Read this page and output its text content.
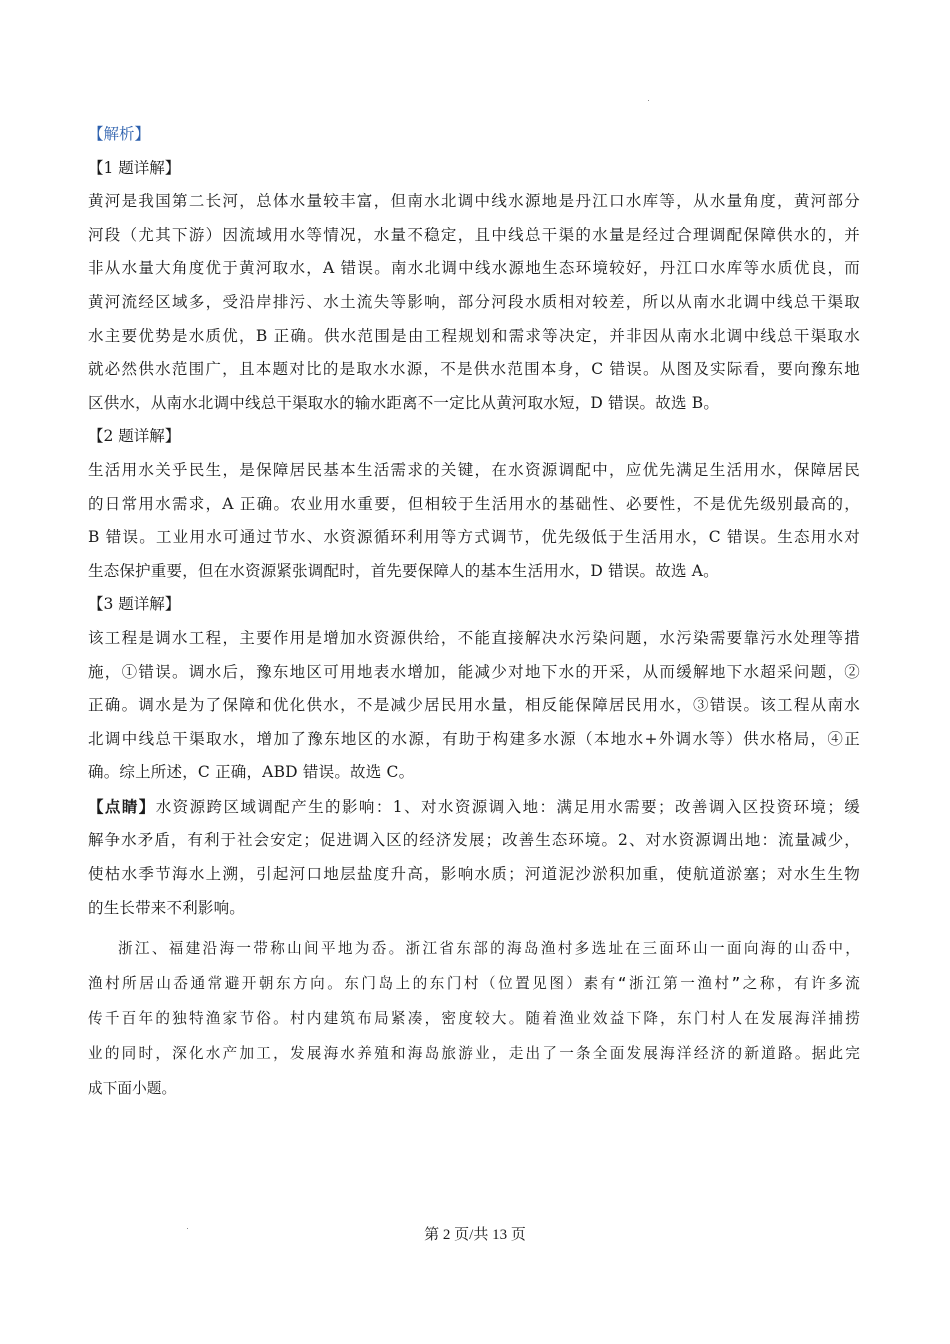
【解析】
【1 题详解】
黄河是我国第二长河，总体水量较丰富，但南水北调中线水源地是丹江口水库等，从水量角度，黄河部分
河段（尤其下游）因流域用水等情况，水量不稳定，且中线总干渠的水量是经过合理调配保障供水的，并
非从水量大角度优于黄河取水，A 错误。南水北调中线水源地生态环境较好，丹江口水库等水质优良，而
黄河流经区域多，受沿岸排污、水土流失等影响，部分河段水质相对较差，所以从南水北调中线总干渠取
水主要优势是水质优，B 正确。供水范围是由工程规划和需求等决定，并非因从南水北调中线总干渠取水
就必然供水范围广，且本题对比的是取水水源，不是供水范围本身，C 错误。从图及实际看，要向豫东地
区供水，从南水北调中线总干渠取水的输水距离不一定比从黄河取水短，D 错误。故选 B。
【2 题详解】
生活用水关乎民生，是保障居民基本生活需求的关键，在水资源调配中，应优先满足生活用水，保障居民
的日常用水需求，A 正确。农业用水重要，但相较于生活用水的基础性、必要性，不是优先级别最高的，
B 错误。工业用水可通过节水、水资源循环利用等方式调节，优先级低于生活用水，C 错误。生态用水对
生态保护重要，但在水资源紧张调配时，首先要保障人的基本生活用水，D 错误。故选 A。
【3 题详解】
该工程是调水工程，主要作用是增加水资源供给，不能直接解决水污染问题，水污染需要靠污水处理等措
施，①错误。调水后，豫东地区可用地表水增加，能减少对地下水的开采，从而缓解地下水超采问题，②
正确。调水是为了保障和优化供水，不是减少居民用水量，相反能保障居民用水，③错误。该工程从南水
北调中线总干渠取水，增加了豫东地区的水源，有助于构建多水源（本地水+外调水等）供水格局，④正
确。综上所述，C 正确，ABD 错误。故选 C。
【点睛】水资源跨区域调配产生的影响：1、对水资源调入地：满足用水需要；改善调入区投资环境；缓
解争水矛盾，有利于社会安定；促进调入区的经济发展；改善生态环境。2、对水资源调出地：流量减少，
使枯水季节海水上溯，引起河口地层盐度升高，影响水质；河道泥沙淤积加重，使航道淤塞；对水生生物
的生长带来不利影响。
浙江、福建沿海一带称山间平地为岙。浙江省东部的海岛渔村多选址在三面环山一面向海的山岙中，
渔村所居山岙通常避开朝东方向。东门岛上的东门村（位置见图）素有“浙江第一渔村”之称，有许多流
传千百年的独特渔家节俗。村内建筑布局紧凑，密度较大。随着渔业效益下降，东门村人在发展海洋捕捞
业的同时，深化水产加工，发展海水养殖和海岛旅游业，走出了一条全面发展海洋经济的新道路。据此完
成下面小题。
第 2 页/共 13 页
